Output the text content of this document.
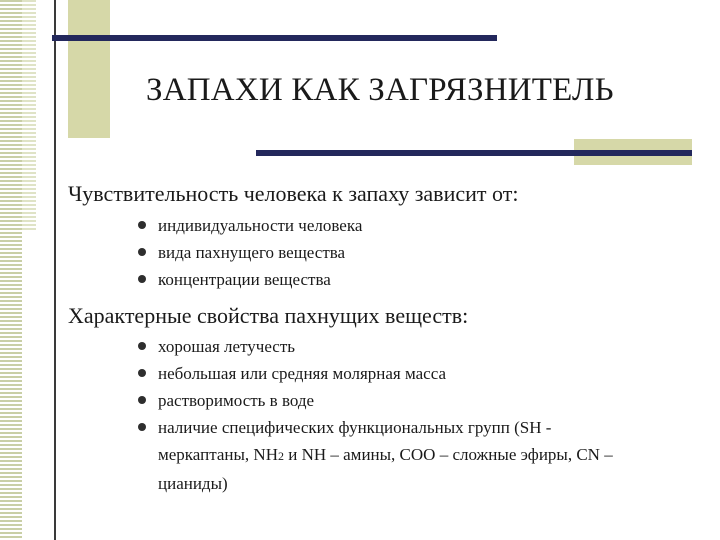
ЗАПАХИ КАК ЗАГРЯЗНИТЕЛЬ
Чувствительность человека к запаху зависит от:
индивидуальности человека
вида пахнущего вещества
концентрации вещества
Характерные свойства пахнущих веществ:
хорошая летучесть
небольшая или средняя молярная масса
растворимость в воде
наличие специфических функциональных групп (SH - меркаптаны, NH2 и NH – амины, COO – сложные эфиры, CN – цианиды)
